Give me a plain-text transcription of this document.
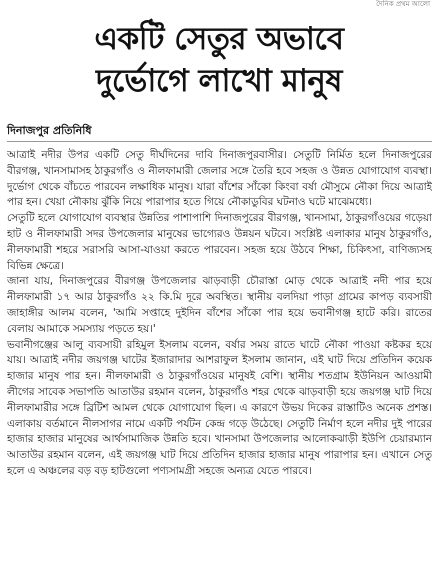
দৈনিক প্রথম আলো
একটি সেতুর অভাবে
দুর্ভোগে লাখো মানুষ
দিনাজপুর প্রতিনিধি

আত্রাই নদীর উপর একটি সেতু দীর্ঘদিনের দাবি দিনাজপুরবাসীর। সেতুটি নির্মিত হলে দিনাজপুরের বীরগঞ্জ, খানসামাসহ ঠাকুরগাঁও ও নীলফামারী জেলার সঙ্গে তৈরি হবে সহজ ও উন্নত যোগাযোগ ব্যবস্থা। দুর্ভোগ থেকে বাঁচতে পারবেন লক্ষাধিক মানুষ। যারা বাঁশের সাঁকো কিংবা বর্ষা মৌসুমে নৌকা দিয়ে আত্রাই পার হন। খেয়া নৌকায় ঝুঁকি নিয়ে পারাপার হতে গিয়ে নৌকাডুবির ঘটনাও ঘটে মাঝেমধ্যে।

সেতুটি হলে যোগাযোগ ব্যবস্থার উন্নতির পাশাপাশি দিনাজপুরের বীরগঞ্জ, খানসামা, ঠাকুরগাঁওয়ের গড়েয়া হাট ও নীলফামারী সদর উপজেলার মানুষের ভাগ্যেরও উন্নয়ন ঘটবে। সংশ্লিষ্ট এলাকার মানুষ ঠাকুরগাঁও, নীলফামারী শহরে সরাসরি আসা-যাওয়া করতে পারবেন। সহজ হয়ে উঠবে শিক্ষা, চিকিৎসা, বাণিজ্যসহ বিভিন্ন ক্ষেত্রে।

জানা যায়, দিনাজপুরের বীরগঞ্জ উপজেলার ঝাড়বাড়ী চৌরাস্তা মোড় থেকে আত্রাই নদী পার হয়ে নীলফামারী ১৭ আর ঠাকুরগাঁও ২২ কি.মি দূরে অবস্থিত। স্থানীয় বলদিয়া পাড়া গ্রামের কাপড় ব্যবসায়ী জাহাঙ্গীর আলম বলেন, 'আমি সপ্তাহে দুইদিন বাঁশের সাঁকো পার হয়ে ভবানীগঞ্জ হাটে করি। রাতের বেলায় আমাকে সমস্যায় পড়তে হয়।'

ভবানীগঞ্জের আলু ব্যবসায়ী রহিমুল ইসলাম বলেন, বর্ষার সময় রাতে ঘাটে নৌকা পাওয়া কষ্টকর হয়ে যায়। আত্রাই নদীর জয়গঞ্জ ঘাটের ইজারাদার আশরাফুল ইসলাম জানান, এই ঘাট দিয়ে প্রতিদিন কয়েক হাজার মানুষ পার হন। নীলফামারী ও ঠাকুরগাঁওয়ের মানুষই বেশি। স্থানীয় শতগ্রাম ইউনিয়ন আওয়ামী লীগের সাবেক সভাপতি আতাউর রহমান বলেন, ঠাকুরগাঁও শহর থেকে ঝাড়বাড়ী হয়ে জয়গঞ্জ ঘাট দিয়ে নীলফামারীর সঙ্গে ব্রিটিশ আমল থেকে যোগাযোগ ছিল। এ কারণে উভয় দিকের রাস্তাটিও অনেক প্রশস্ত। এলাকায় বর্তমানে নীলসাগর নামে একটি পর্যটন কেন্দ্র গড়ে উঠেছে। সেতুটি নির্মাণ হলে নদীর দুই পারের হাজার হাজার মানুষের আর্থসামাজিক উন্নতি হবে। খানসামা উপজেলার আলোকঝাড়ী ইউপি চেয়ারম্যান আতাউর রহমান বলেন, এই জয়গঞ্জ ঘাট দিয়ে প্রতিদিন হাজার হাজার মানুষ পারাপার হন। এখানে সেতু হলে এ অঞ্চলের বড় বড় হাটগুলো পণ্যসামগ্রী সহজে অন্যত্র যেতে পারবে।
